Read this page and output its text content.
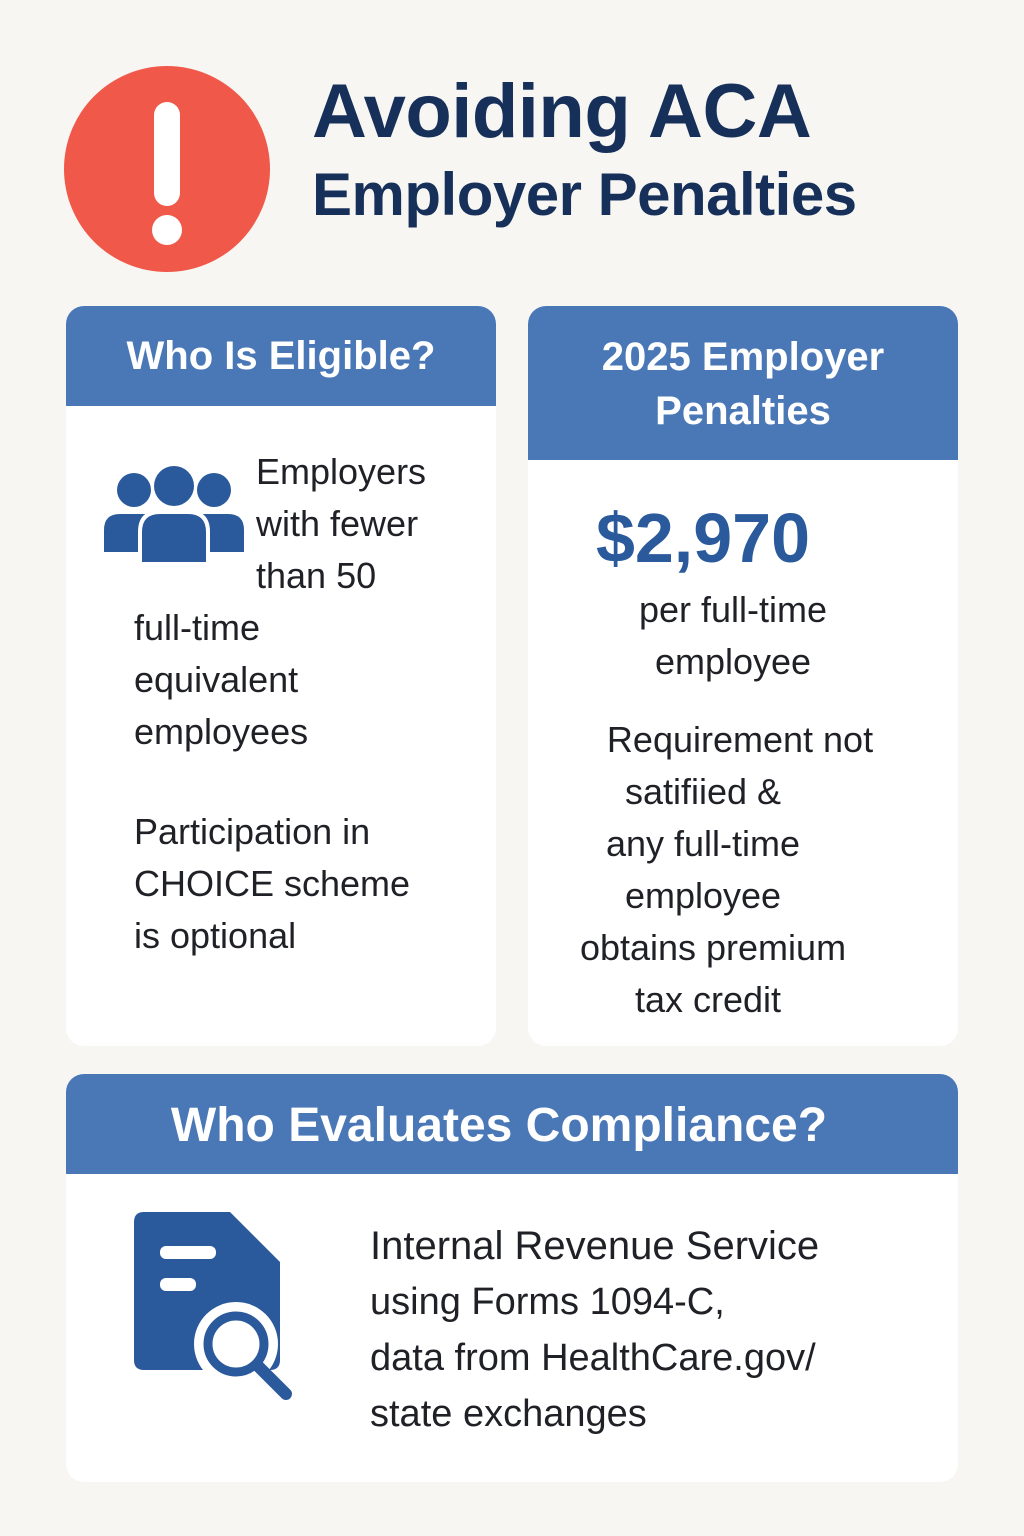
Avoiding ACA
Employer Penalties
Who Is Eligible?
Employers
with fewer
than 50
full-time
equivalent
employees
Participation in
CHOICE scheme
is optional
2025 Employer
Penalties
$2,970
per full-time
employee
Requirement not
satifiied &
any full-time
employee
obtains premium
tax credit
Who Evaluates Compliance?
Internal Revenue Service
using Forms 1094-C,
data from HealthCare.gov/
state exchanges
